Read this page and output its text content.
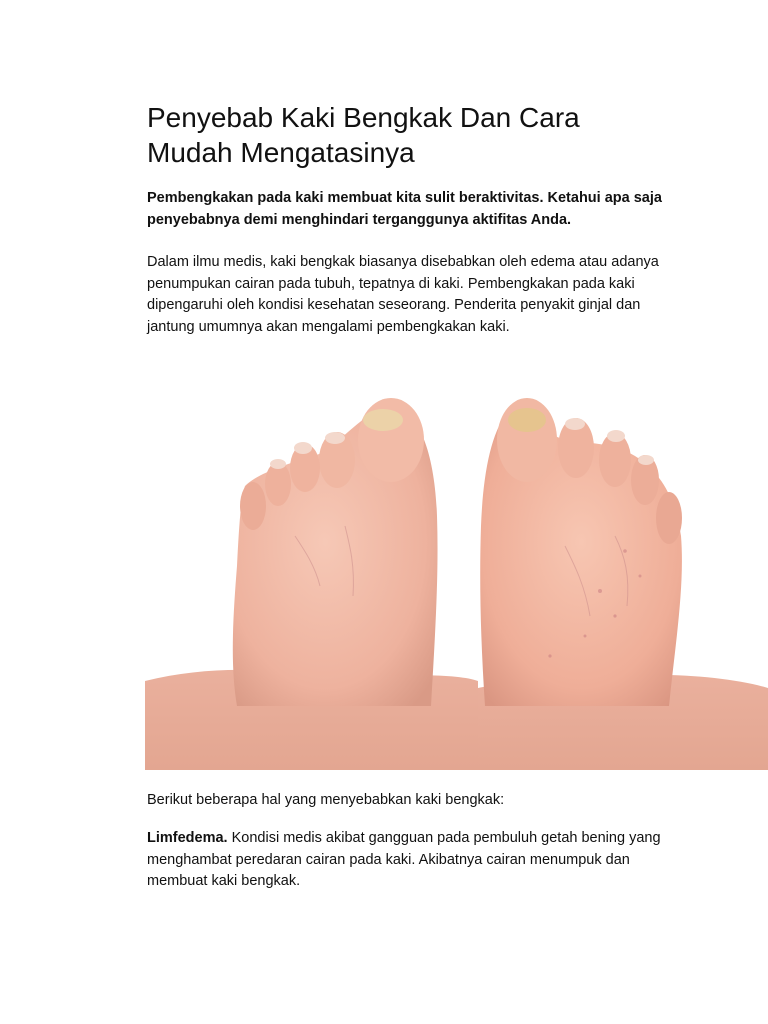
Penyebab Kaki Bengkak Dan Cara Mudah Mengatasinya

Pembengkakan pada kaki membuat kita sulit beraktivitas. Ketahui apa saja penyebabnya demi menghindari terganggunya aktifitas Anda.

Dalam ilmu medis, kaki bengkak biasanya disebabkan oleh edema atau adanya penumpukan cairan pada tubuh, tepatnya di kaki. Pembengkakan pada kaki dipengaruhi oleh kondisi kesehatan seseorang. Penderita penyakit ginjal dan jantung umumnya akan mengalami pembengkakan kaki.

Berikut beberapa hal yang menyebabkan kaki bengkak:

Limfedema. Kondisi medis akibat gangguan pada pembuluh getah bening yang menghambat peredaran cairan pada kaki. Akibatnya cairan menumpuk dan membuat kaki bengkak.
